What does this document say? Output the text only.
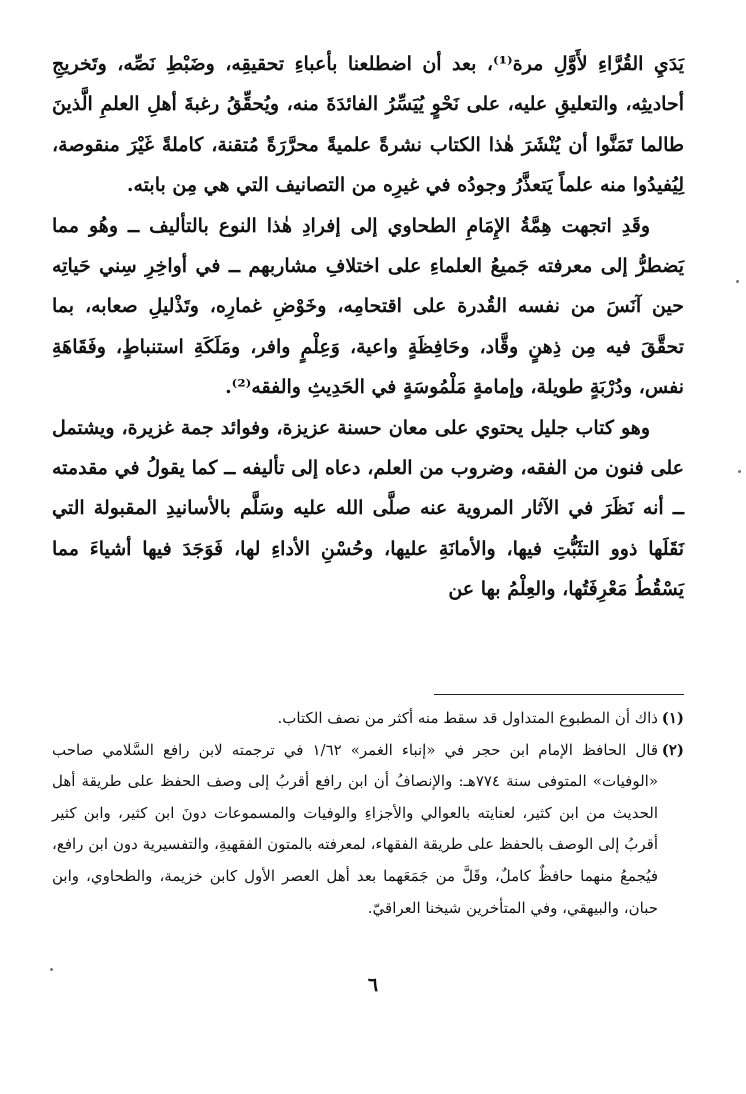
يَدَيِ القُرَّاءِ لأَوَّلِ مرة⁽¹⁾، بعد أن اضطلعنا بأعباءِ تحقيقِه، وضَبْطِ نَصِّه، وتَخريجِ أحاديثِه، والتعليقِ عليه، على نَحْوٍ يُيَسِّرُ الفائدَةَ منه، ويُحقِّقُ رغبةَ أهلِ العلمِ الَّذينَ طالما تَمَنَّوا أن يُنْشَرَ هٰذا الكتاب نشرةً علميةً محرَّرَةً مُتقنة، كاملةً غَيْرَ منقوصة، لِيُفيدُوا منه علماً يَتعذَّرُ وجودُه في غيرِه من التصانيف التي هي مِن بابته.

وقَدِ اتجهت هِمَّةُ الإِمَامِ الطحاوي إلى إفرادِ هٰذا النوع بالتأليف ــ وهُو مما يَضطرُّ إلى معرفته جَميعُ العلماءِ على اختلافِ مشاربهم ــ في أواخِرِ سِني حَياتِه حين آنَسَ من نفسه القُدرة على اقتحامِه، وخَوْضِ غمارِه، وتَذْليلِ صعابه، بما تحقَّقَ فيه مِن ذِهنٍ وقَّاد، وحَافِظَةٍ واعية، وَعِلْمٍ وافر، ومَلَكَةِ استنباطٍ، وفَقَاهَةِ نفس، ودُرْبَةٍ طويلة، وإمامةٍ مَلْمُوسَةٍ في الحَدِيثِ والفقه⁽²⁾.

وهو كتاب جليل يحتوي على معان حسنة عزيزة، وفوائد جمة غزيرة، ويشتمل على فنون من الفقه، وضروب من العلم، دعاه إلى تأليفه ــ كما يقولُ في مقدمته ــ أنه نَظَرَ في الآثار المروية عنه صلَّى الله عليه وسَلَّم بالأسانيدِ المقبولة التي نَقَلَها ذوو التثَبُّتِ فيها، والأمانَةِ عليها، وحُسْنِ الأداءِ لها، فَوَجَدَ فيها أشياءَ مما يَسْقُطُ مَعْرِفَتُها، والعِلْمُ بها عن

(١)
ذاك أن المطبوع المتداول قد سقط منه أكثر من نصف الكتاب.
(٢)
قال الحافظ الإمام ابن حجر في «إنباء الغمر» ١/٦٢ في ترجمته لابن رافع السَّلامي صاحب «الوفيات» المتوفى سنة ٧٧٤هـ: والإنصافُ أن ابن رافع أقربُ إلى وصف الحفظ على طريقة أهل الحديث من ابن كثير، لعنايته بالعوالي والأجزاءِ والوفيات والمسموعات دونَ ابن كثير، وابن كثير أقربُ إلى الوصف بالحفظ على طريقة الفقهاء، لمعرفته بالمتون الفقهيةِ، والتفسيرية دون ابن رافع، فيُجمعُ منهما حافظٌ كاملٌ، وقَلَّ من جَمَعَهما بعد أهل العصر الأول كابن خزيمة، والطحاوي، وابن حبان، والبيهقي، وفي المتأخرين شيخنا العراقيّ.
٦
